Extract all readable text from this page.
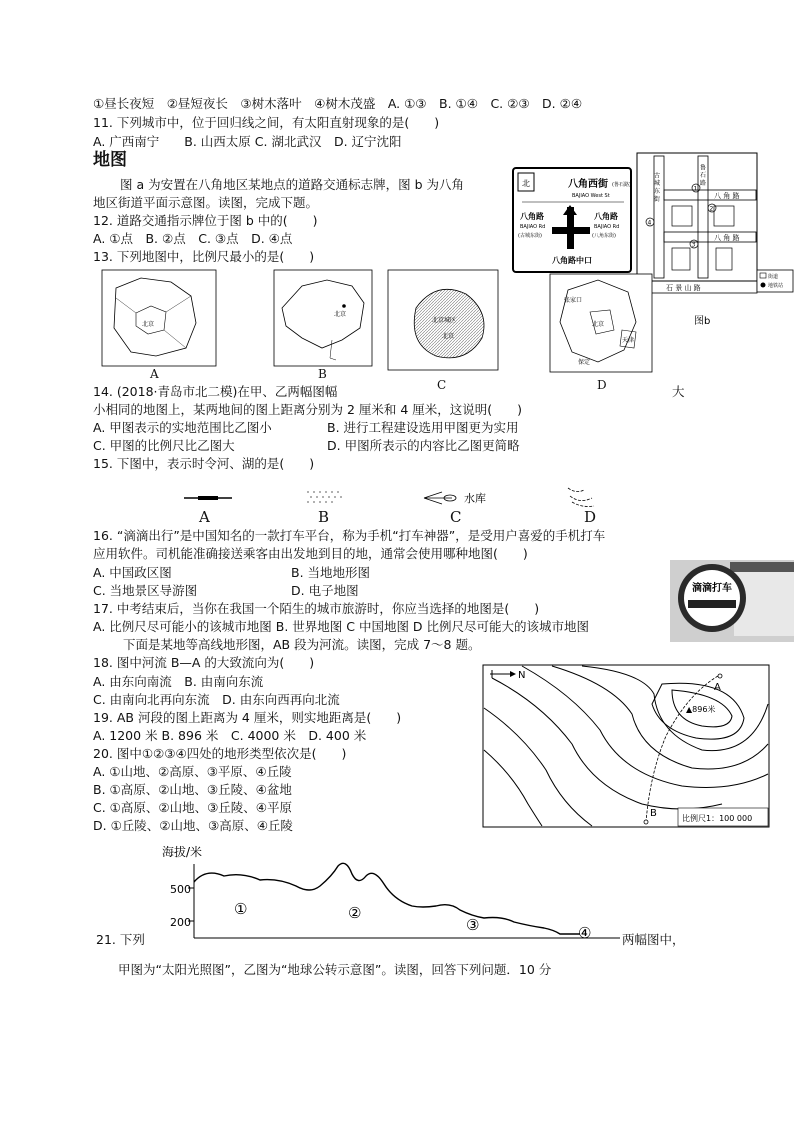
①昼长夜短　②昼短夜长　③树木落叶　④树木茂盛　A. ①③　B. ①④　C. ②③　D. ②④
11. 下列城市中，位于回归线之间，有太阳直射现象的是(　　)
A. 广西南宁　　B. 山西太原 C. 湖北武汉　D. 辽宁沈阳
地图
图 a 为安置在八角地区某地点的道路交通标志牌，图 b 为八角
地区街道平面示意图。读图，完成下题。
12. 道路交通指示牌位于图 b 中的(　　)
A. ①点　B. ②点　C. ③点　D. ④点
13. 下列地图中，比例尺最小的是(　　)
北	八角西街 (鲁石路)
BAJIAO West St
八角路
BAJIAO Rd
(古城东街)
八角路
BAJIAO Rd
(八角东街)
八角路中口
古 城 东 街	鲁 石 路
八 角 路
八 角 路
1
2
3
4
石 景 山 路
街道
地铁站
图b
北京
A
北京
B
北京城区
北京
C
张家口
北京
天津
保定
D
14. (2018·青岛市北二模)在甲、乙两幅图幅	大
小相同的地图上，某两地间的图上距离分别为 2 厘米和 4 厘米，这说明(　　)
A. 甲图表示的实地范围比乙图小	B. 进行工程建设选用甲图更为实用
C. 甲图的比例尺比乙图大	D. 甲图所表示的内容比乙图更简略
15. 下图中，表示时令河、湖的是(　　)
水库
A	B	C	D
16. “滴滴出行”是中国知名的一款打车平台，称为手机“打车神器”，是受用户喜爱的手机打车
应用软件。司机能准确接送乘客由出发地到目的地，通常会使用哪种地图(　　)
A. 中国政区图	B. 当地地形图
C. 当地景区导游图	D. 电子地图	滴滴打车
17. 中考结束后，当你在我国一个陌生的城市旅游时，你应当选择的地图是(　　)
A. 比例尺尽可能小的该城市地图 B. 世界地图 C 中国地图 D 比例尺尽可能大的该城市地图
下面是某地等高线地形图，AB 段为河流。读图，完成 7～8 题。
18. 图中河流 B—A 的大致流向为(　　)
A. 由东向南流　B. 由南向东流
C. 由南向北再向东流　D. 由东向西再向北流
19. AB 河段的图上距离为 4 厘米，则实地距离是(　　)
A. 1200 米 B. 896 米　C. 4000 米　D. 400 米
20. 图中①②③④四处的地形类型依次是(　　)
A. ①山地、②高原、③平原、④丘陵
B. ①高原、②山地、③丘陵、④盆地
C. ①高原、②山地、③丘陵、④平原
D. ①丘陵、②山地、③高原、④丘陵
N
A
B
▲896米
比例尺1：100 000
海拔/米
500
200
①	②
③	④
21. 下列	两幅图中，
甲图为“太阳光照图”，乙图为“地球公转示意图”。读图，回答下列问题．10 分
